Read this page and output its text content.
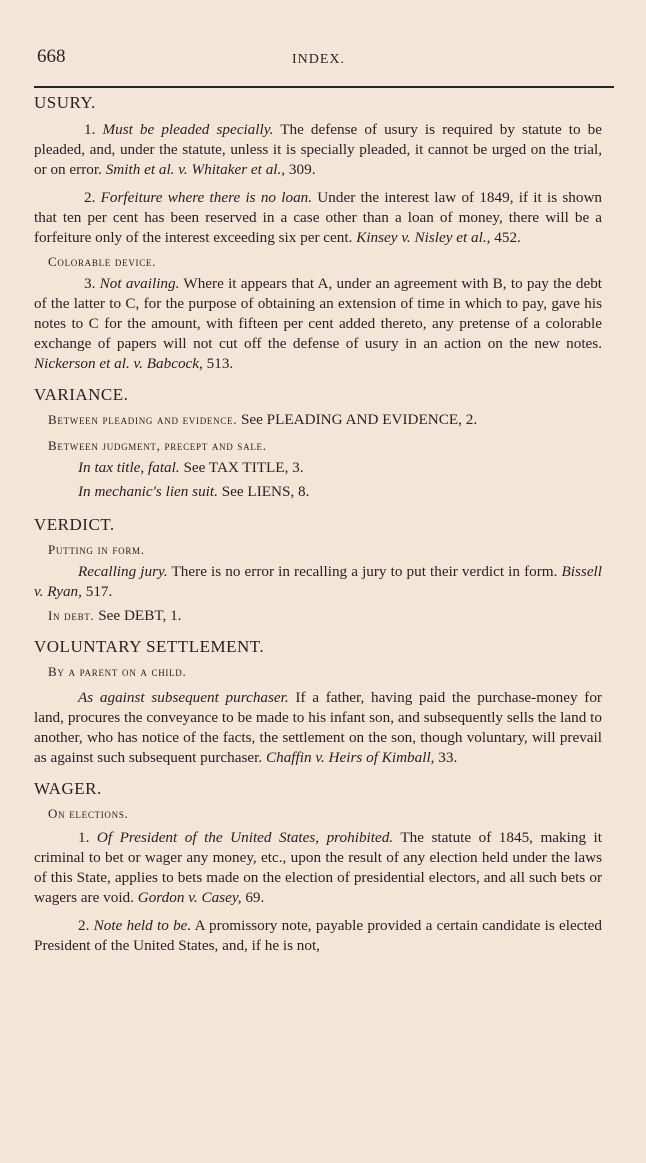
668	INDEX.

USURY.

1. Must be pleaded specially. The defense of usury is required by statute to be pleaded, and, under the statute, unless it is specially pleaded, it cannot be urged on the trial, or on error. Smith et al. v. Whitaker et al., 309.

2. Forfeiture where there is no loan. Under the interest law of 1849, if it is shown that ten per cent has been reserved in a case other than a loan of money, there will be a forfeiture only of the interest exceeding six per cent. Kinsey v. Nisley et al., 452.

Colorable device.

3. Not availing. Where it appears that A, under an agreement with B, to pay the debt of the latter to C, for the purpose of obtaining an extension of time in which to pay, gave his notes to C for the amount, with fifteen per cent added thereto, any pretense of a colorable exchange of papers will not cut off the defense of usury in an action on the new notes. Nickerson et al. v. Babcock, 513.

VARIANCE.

Between pleading and evidence. See PLEADING AND EVIDENCE, 2.

Between judgment, precept and sale.

In tax title, fatal. See TAX TITLE, 3.

In mechanic's lien suit. See LIENS, 8.

VERDICT.

Putting in form.

Recalling jury. There is no error in recalling a jury to put their verdict in form. Bissell v. Ryan, 517.

In debt. See DEBT, 1.

VOLUNTARY SETTLEMENT.

By a parent on a child.

As against subsequent purchaser. If a father, having paid the purchase-money for land, procures the conveyance to be made to his infant son, and subsequently sells the land to another, who has notice of the facts, the settlement on the son, though voluntary, will prevail as against such subsequent purchaser. Chaffin v. Heirs of Kimball, 33.

WAGER.

On elections.

1. Of President of the United States, prohibited. The statute of 1845, making it criminal to bet or wager any money, etc., upon the result of any election held under the laws of this State, applies to bets made on the election of presidential electors, and all such bets or wagers are void. Gordon v. Casey, 69.

2. Note held to be. A promissory note, payable provided a certain candidate is elected President of the United States, and, if he is not,
